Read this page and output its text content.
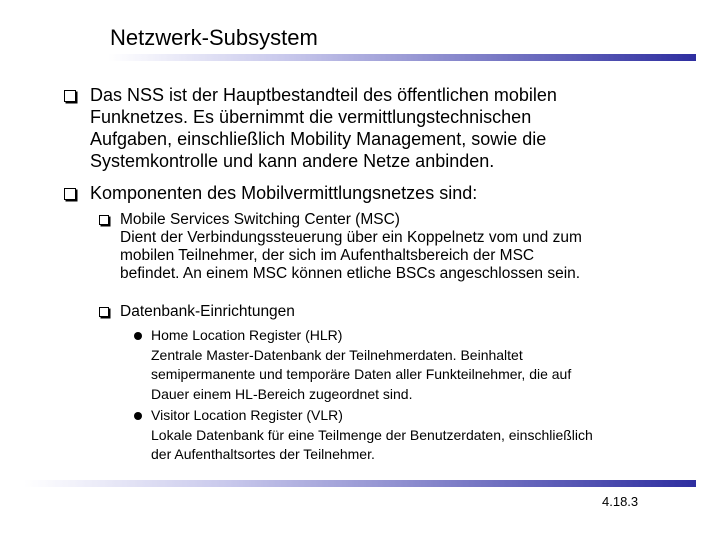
Netzwerk-Subsystem
Das NSS ist der Hauptbestandteil des öffentlichen mobilen
Funknetzes. Es übernimmt die vermittlungstechnischen
Aufgaben, einschließlich Mobility Management, sowie die
Systemkontrolle und kann andere Netze anbinden.
Komponenten des Mobilvermittlungsnetzes sind:
Mobile Services Switching Center (MSC)
Dient der Verbindungssteuerung über ein Koppelnetz vom und zum
mobilen Teilnehmer, der sich im Aufenthaltsbereich der MSC
befindet. An einem MSC können etliche BSCs angeschlossen sein.
Datenbank-Einrichtungen
Home Location Register (HLR)
Zentrale Master-Datenbank der Teilnehmerdaten. Beinhaltet
semipermanente und temporäre Daten aller Funkteilnehmer, die auf
Dauer einem HL-Bereich zugeordnet sind.
Visitor Location Register (VLR)
Lokale Datenbank für eine Teilmenge der Benutzerdaten, einschließlich
der Aufenthaltsortes der Teilnehmer.
4.18.3
